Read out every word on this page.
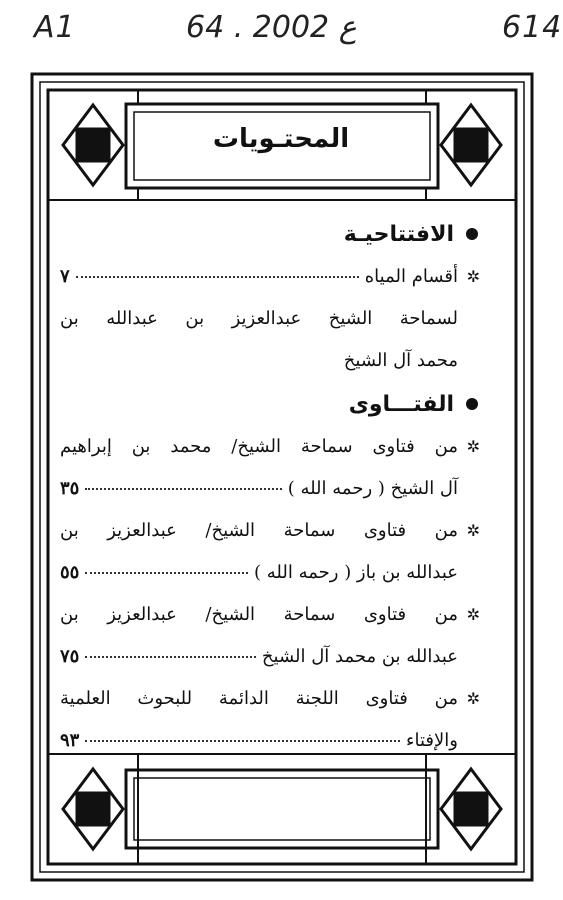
A1	64 . ع 2002	614
المحتـويات
الافتتاحيـة
✲
أقسام المياه
٧
لسماحة الشيخ عبدالعزيز بن عبدالله بن
محمد آل الشيخ
الفتـــاوى
✲
من فتاوى سماحة الشيخ/ محمد بن إبراهيم
آل الشيخ ( رحمه الله )
٣٥
✲
من فتاوى سماحة الشيخ/ عبدالعزيز بن
عبدالله بن باز ( رحمه الله )
٥٥
✲
من فتاوى سماحة الشيخ/ عبدالعزيز بن
عبدالله بن محمد آل الشيخ
٧٥
✲
من فتاوى اللجنة الدائمة للبحوث العلمية
والإفتاء
٩٣
